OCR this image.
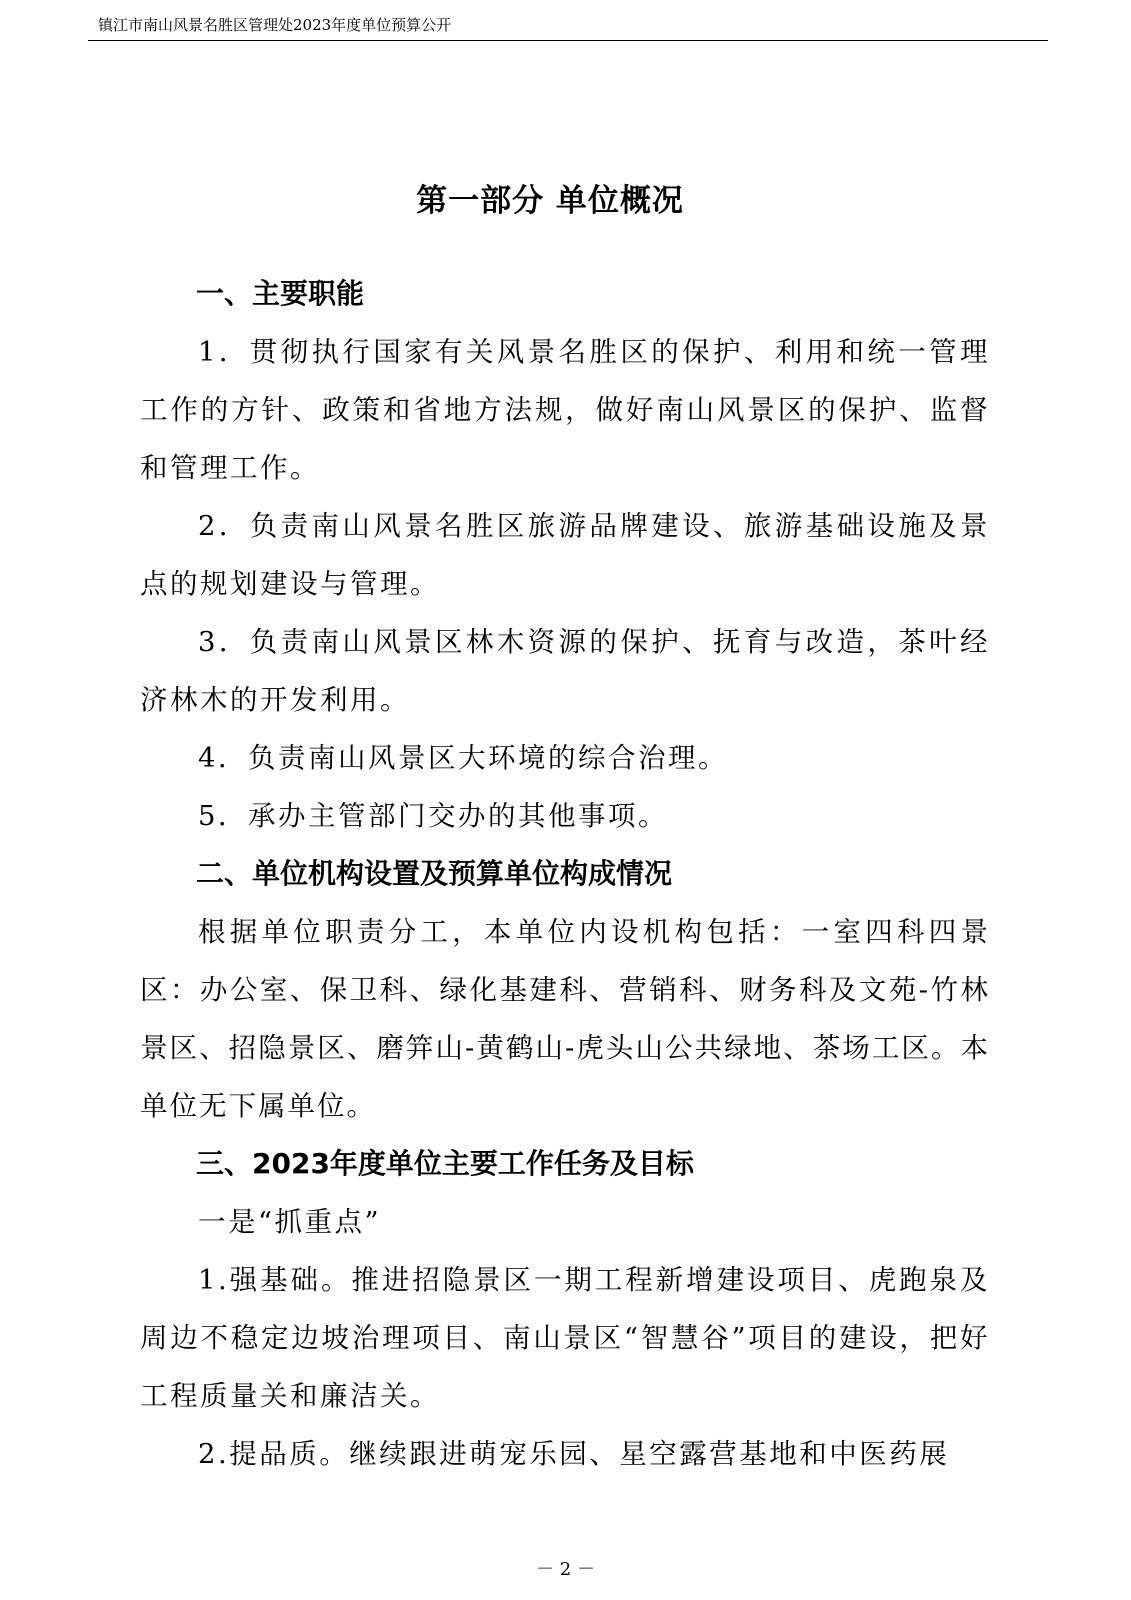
镇江市南山风景名胜区管理处2023年度单位预算公开
第一部分 单位概况

一、主要职能

1．贯彻执行国家有关风景名胜区的保护、利用和统一管理工作的方针、政策和省地方法规，做好南山风景区的保护、监督和管理工作。

2．负责南山风景名胜区旅游品牌建设、旅游基础设施及景点的规划建设与管理。

3．负责南山风景区林木资源的保护、抚育与改造，茶叶经济林木的开发利用。

4．负责南山风景区大环境的综合治理。

5．承办主管部门交办的其他事项。

二、单位机构设置及预算单位构成情况

根据单位职责分工，本单位内设机构包括：一室四科四景区：办公室、保卫科、绿化基建科、营销科、财务科及文苑-竹林景区、招隐景区、磨笄山-黄鹤山-虎头山公共绿地、茶场工区。本单位无下属单位。

三、2023年度单位主要工作任务及目标

一是“抓重点”

1.强基础。推进招隐景区一期工程新增建设项目、虎跑泉及周边不稳定边坡治理项目、南山景区“智慧谷”项目的建设，把好工程质量关和廉洁关。

2.提品质。继续跟进萌宠乐园、星空露营基地和中医药展

－ 2 －
